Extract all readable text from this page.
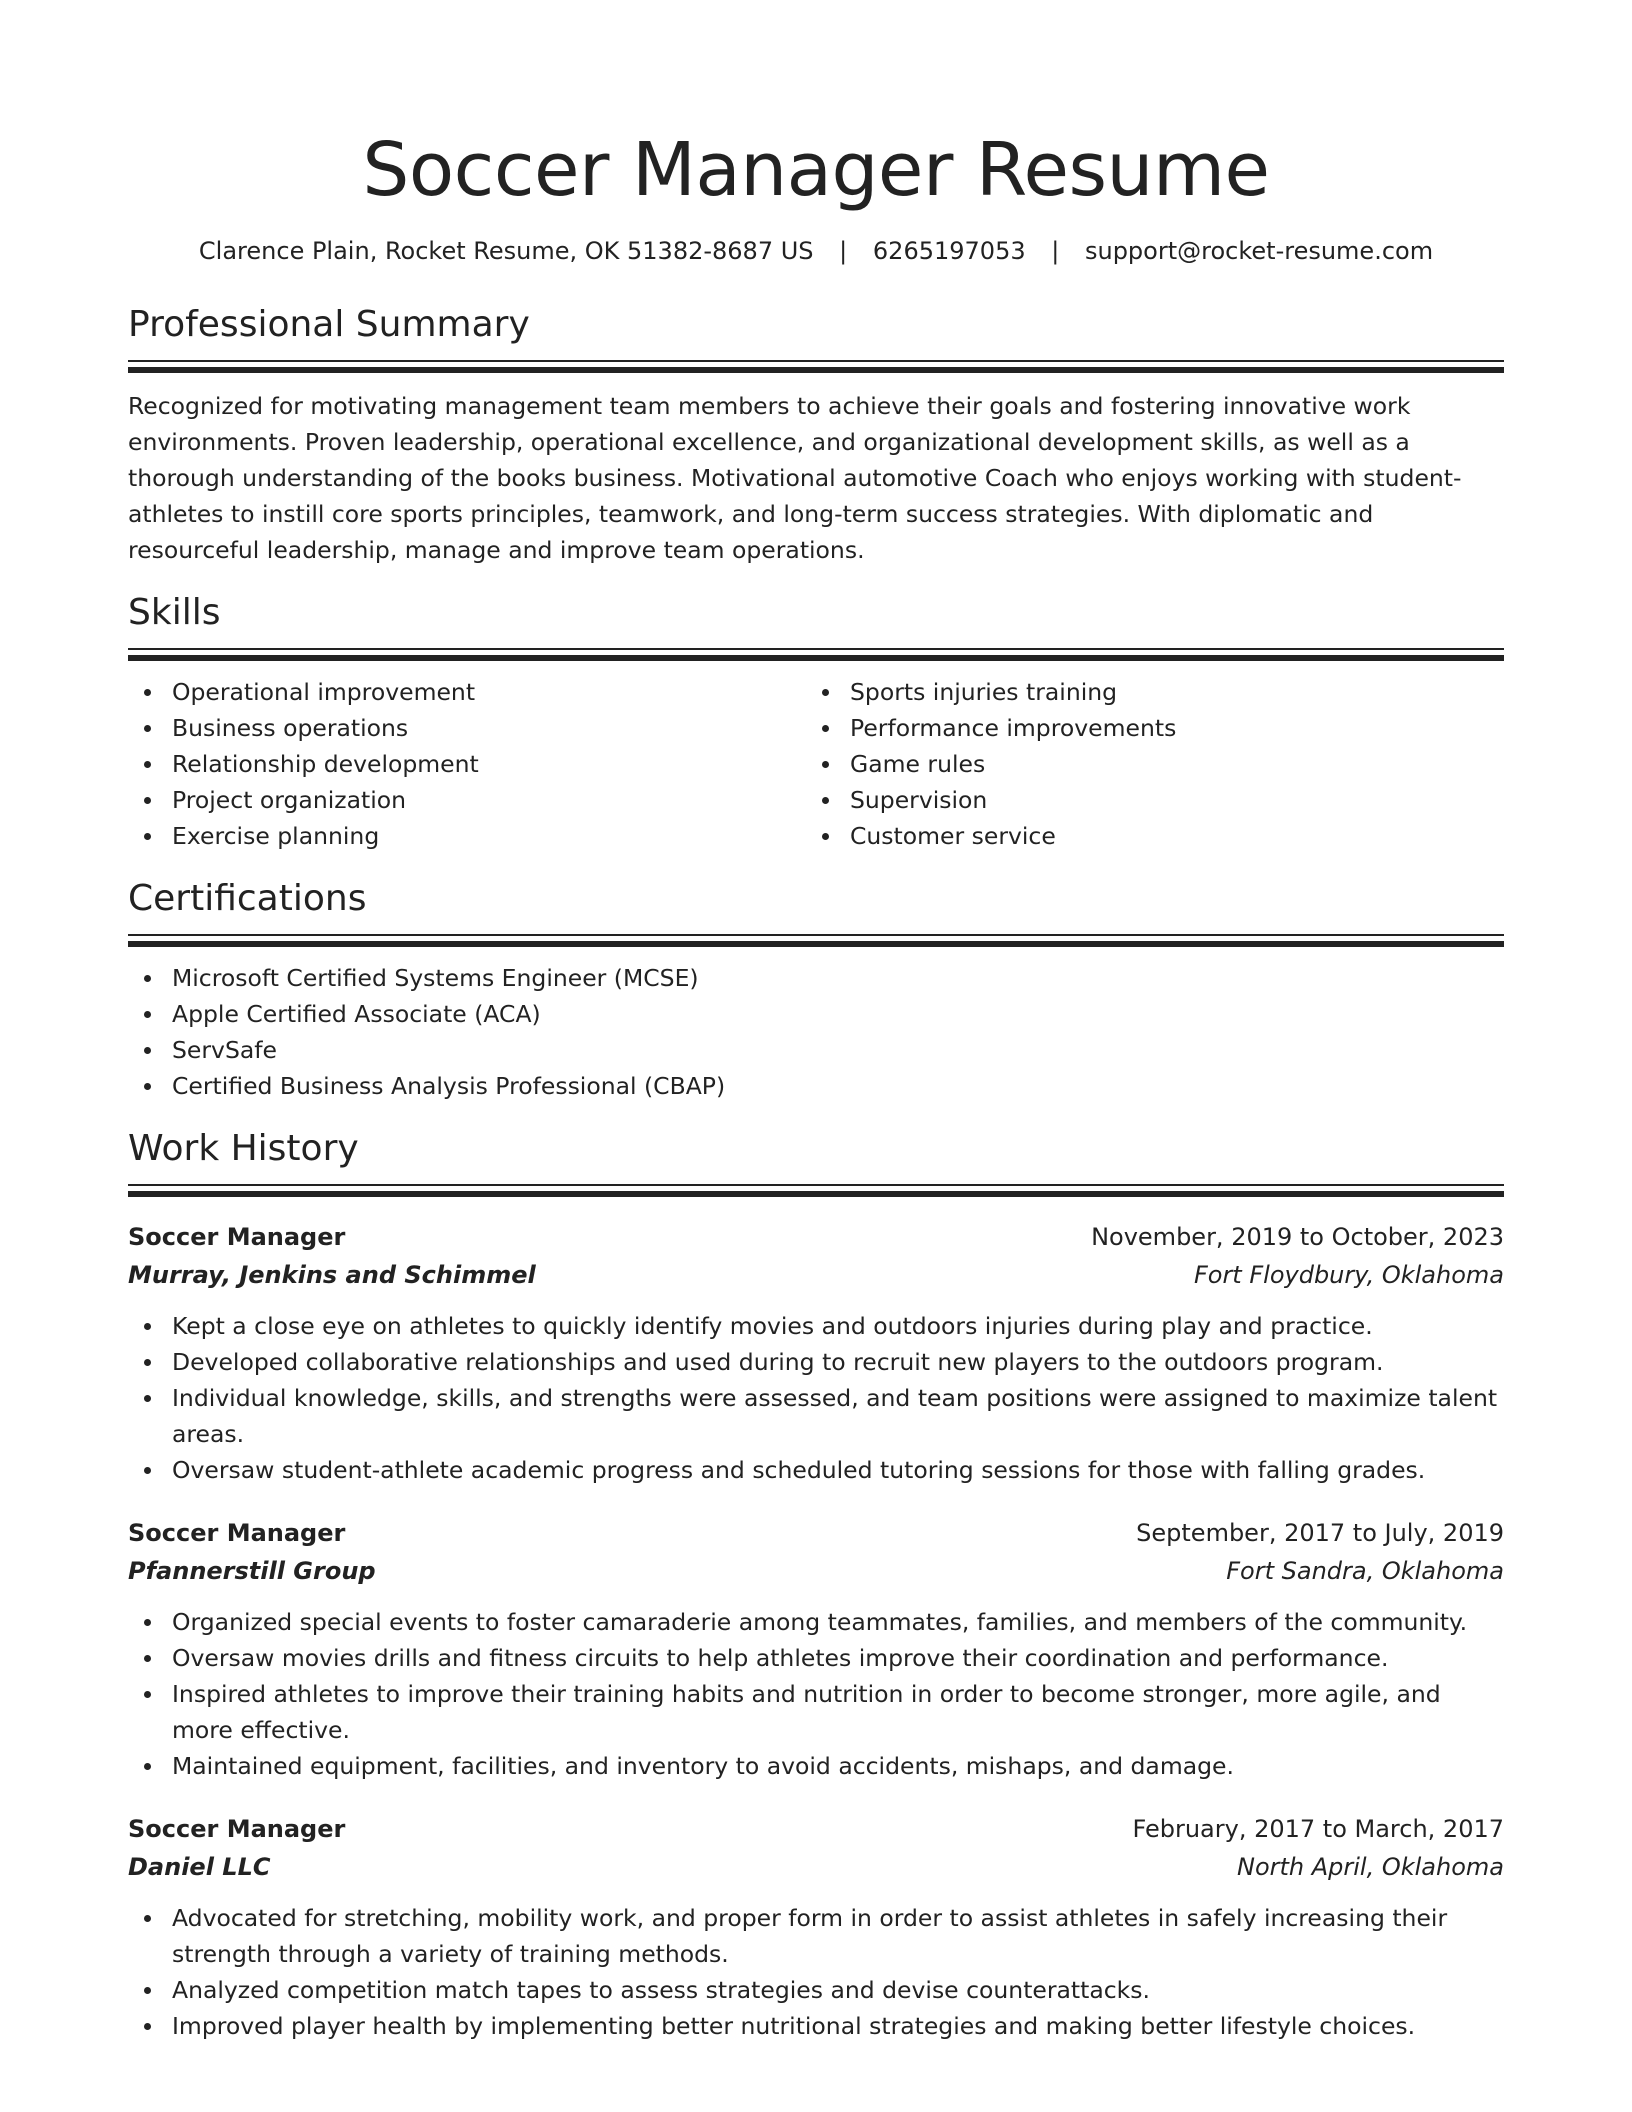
Soccer Manager Resume
Clarence Plain, Rocket Resume, OK 51382-8687 US | 6265197053 | support@rocket-resume.com
Professional Summary

Recognized for motivating management team members to achieve their goals and fostering innovative work environments. Proven leadership, operational excellence, and organizational development skills, as well as a thorough understanding of the books business. Motivational automotive Coach who enjoys working with student-athletes to instill core sports principles, teamwork, and long-term success strategies. With diplomatic and resourceful leadership, manage and improve team operations.

Skills
Operational improvement
Business operations
Relationship development
Project organization
Exercise planning
Sports injuries training
Performance improvements
Game rules
Supervision
Customer service
Certifications
Microsoft Certified Systems Engineer (MCSE)
Apple Certified Associate (ACA)
ServSafe
Certified Business Analysis Professional (CBAP)
Work History
Soccer Manager	November, 2019 to October, 2023
Murray, Jenkins and Schimmel	Fort Floydbury, Oklahoma
Kept a close eye on athletes to quickly identify movies and outdoors injuries during play and practice.
Developed collaborative relationships and used during to recruit new players to the outdoors program.
Individual knowledge, skills, and strengths were assessed, and team positions were assigned to maximize talent areas.
Oversaw student-athlete academic progress and scheduled tutoring sessions for those with falling grades.
Soccer Manager	September, 2017 to July, 2019
Pfannerstill Group	Fort Sandra, Oklahoma
Organized special events to foster camaraderie among teammates, families, and members of the community.
Oversaw movies drills and fitness circuits to help athletes improve their coordination and performance.
Inspired athletes to improve their training habits and nutrition in order to become stronger, more agile, and more effective.
Maintained equipment, facilities, and inventory to avoid accidents, mishaps, and damage.
Soccer Manager	February, 2017 to March, 2017
Daniel LLC	North April, Oklahoma
Advocated for stretching, mobility work, and proper form in order to assist athletes in safely increasing their strength through a variety of training methods.
Analyzed competition match tapes to assess strategies and devise counterattacks.
Improved player health by implementing better nutritional strategies and making better lifestyle choices.
